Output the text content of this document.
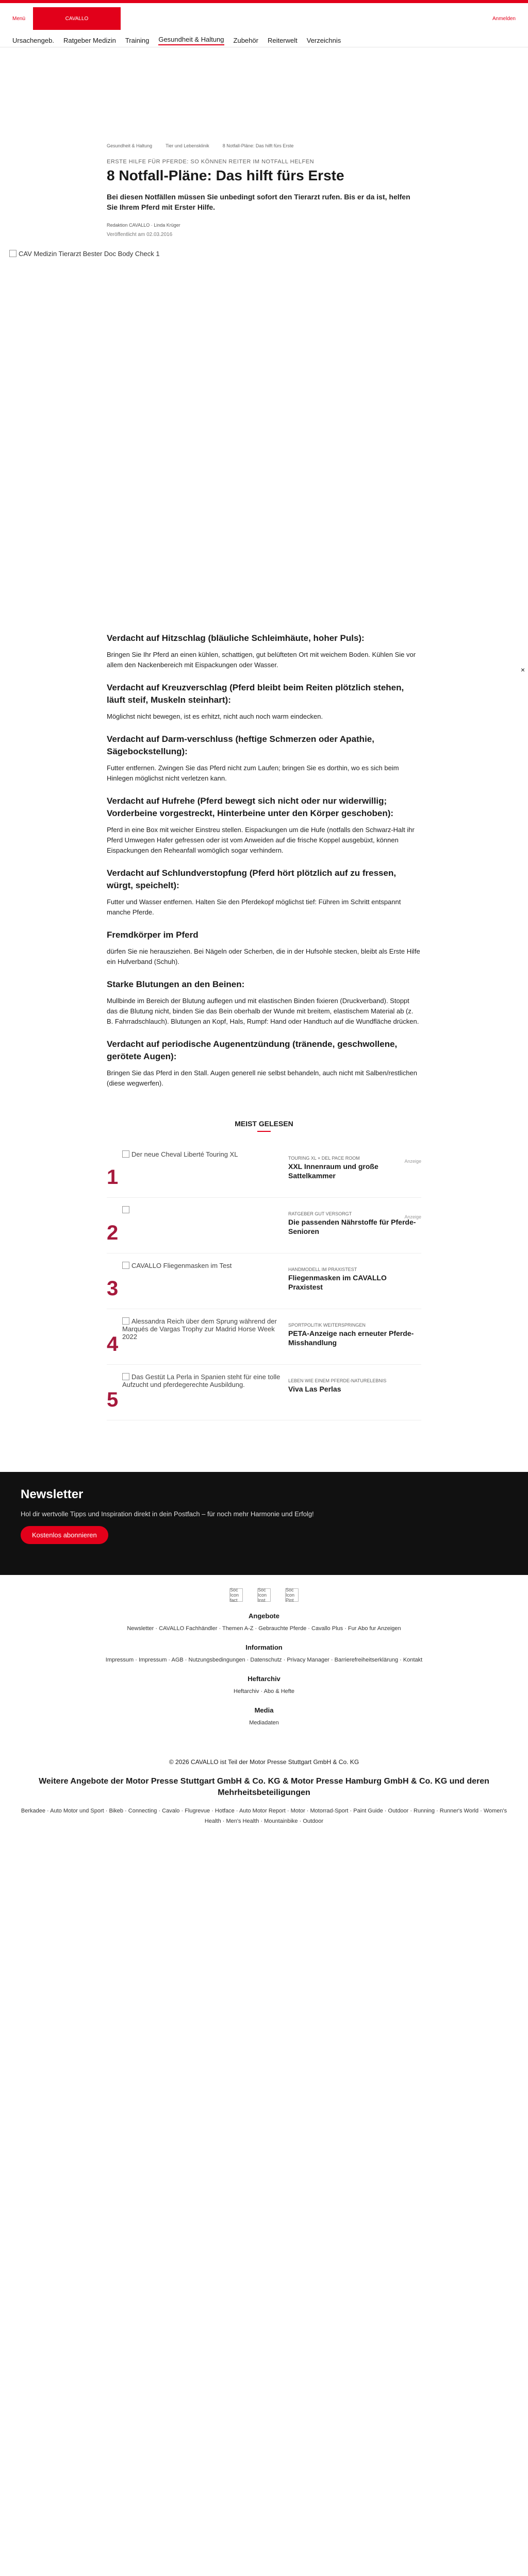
Menü	CAVALLO	Anmelden
Ursachengeb. Ratgeber Medizin Training Gesundheit & Haltung Zubehör Reiterwelt Verzeichnis
Gesundheit & Haltung	Tier und Lebensklinik	8 Notfall-Pläne: Das hilft fürs Erste
ERSTE HILFE FÜR PFERDE: SO KÖNNEN REITER IM NOTFALL HELFEN
8 Notfall-Pläne: Das hilft fürs Erste
Bei diesen Notfällen müssen Sie unbedingt sofort den Tierarzt rufen. Bis er da ist, helfen Sie Ihrem Pferd mit Erster Hilfe.
Redaktion CAVALLO · Linda Krüger
Veröffentlicht am 02.03.2016
CAV Medizin Tierarzt Bester Doc Body Check 1
×
Verdacht auf Hitzschlag (bläuliche Schleimhäute, hoher Puls):

Bringen Sie Ihr Pferd an einen kühlen, schattigen, gut belüfteten Ort mit weichem Boden. Kühlen Sie vor allem den Nackenbereich mit Eispackungen oder Wasser.

Verdacht auf Kreuzverschlag (Pferd bleibt beim Reiten plötzlich stehen, läuft steif, Muskeln steinhart):

Möglichst nicht bewegen, ist es erhitzt, nicht auch noch warm eindecken.

Verdacht auf Darm-verschluss (heftige Schmerzen oder Apathie, Sägebockstellung):

Futter entfernen. Zwingen Sie das Pferd nicht zum Laufen; bringen Sie es dorthin, wo es sich beim Hinlegen möglichst nicht verletzen kann.

Verdacht auf Hufrehe (Pferd bewegt sich nicht oder nur widerwillig; Vorderbeine vorgestreckt, Hinterbeine unter den Körper geschoben):

Pferd in eine Box mit weicher Einstreu stellen. Eispackungen um die Hufe (notfalls den Schwarz-Halt ihr Pferd Umwegen Hafer gefressen oder ist vom Anweiden auf die frische Koppel ausgebüxt, können Eispackungen den Reheanfall womöglich sogar verhindern.

Verdacht auf Schlundverstopfung (Pferd hört plötzlich auf zu fressen, würgt, speichelt):

Futter und Wasser entfernen. Halten Sie den Pferdekopf möglichst tief: Führen im Schritt entspannt manche Pferde.

Fremdkörper im Pferd

dürfen Sie nie herausziehen. Bei Nägeln oder Scherben, die in der Hufsohle stecken, bleibt als Erste Hilfe ein Hufverband (Schuh).

Starke Blutungen an den Beinen:

Mullbinde im Bereich der Blutung auflegen und mit elastischen Binden fixieren (Druckverband). Stoppt das die Blutung nicht, binden Sie das Bein oberhalb der Wunde mit breitem, elastischem Material ab (z. B. Fahrradschlauch). Blutungen an Kopf, Hals, Rumpf: Hand oder Handtuch auf die Wundfläche drücken.

Verdacht auf periodische Augenentzündung (tränende, geschwollene, gerötete Augen):

Bringen Sie das Pferd in den Stall. Augen generell nie selbst behandeln, auch nicht mit Salben/restlichen (diese wegwerfen).

MEIST GELESEN
1
Der neue Cheval Liberté Touring XL	TOURING XL × DEL PACE ROOM
XXL Innenraum und große Sattelkammer
Anzeige
2
RATGEBER GUT VERSORGT
Die passenden Nährstoffe für Pferde-Senioren
Anzeige
3
CAVALLO Fliegenmasken im Test	HANDMODELL IM PRAXISTEST
Fliegenmasken im CAVALLO Praxistest
4
Alessandra Reich über dem Sprung während der Marqués de Vargas Trophy zur Madrid Horse Week 2022
SPORTPOLITIK WEITERSPRINGEN
PETA-Anzeige nach erneuter Pferde-Misshandlung
5
Das Gestüt La Perla in Spanien steht für eine tolle Aufzucht und pferdegerechte Ausbildung.	LEBEN WIE EINEM PFERDE-NATURELEBNIS
Viva Las Perlas
Newsletter

Hol dir wertvolle Tipps und Inspiration direkt in dein Postfach – für noch mehr Harmonie und Erfolg!

Kostenlos abonnieren
Soc Icon fact
Soc Icon Inst
Soc Icon Pint
Angebote
Newsletter · CAVALLO Fachhändler · Themen A-Z · Gebrauchte Pferde · Cavallo Plus · Fur Abo fur Anzeigen
Information
Impressum · Impressum · AGB · Nutzungsbedingungen · Datenschutz · Privacy Manager · Barrierefreiheitserklärung · Kontakt
Heftarchiv
Heftarchiv · Abo & Hefte
Media
Mediadaten
© 2026 CAVALLO ist Teil der Motor Presse Stuttgart GmbH & Co. KG
Weitere Angebote der Motor Presse Stuttgart GmbH & Co. KG & Motor Presse Hamburg GmbH & Co. KG und deren Mehrheitsbeteiligungen
Berkadee · Auto Motor und Sport · Bikeb · Connecting · Cavalo · Flugrevue · Hotface · Auto Motor Report · Motor · Motorrad-Sport · Paint Guide · Outdoor · Running · Runner's World · Women's Health · Men's Health · Mountainbike · Outdoor
